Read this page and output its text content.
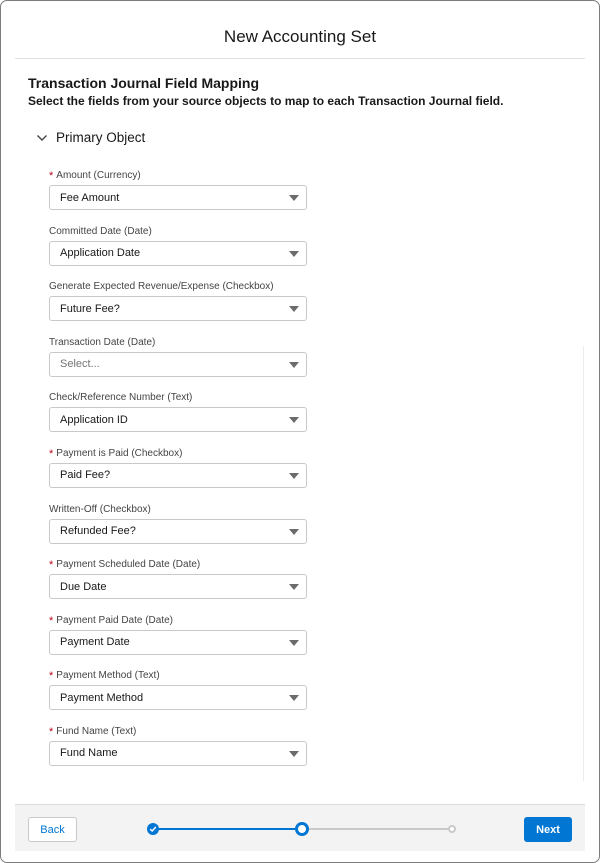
New Accounting Set
Transaction Journal Field Mapping
Select the fields from your source objects to map to each Transaction Journal field.
Primary Object
* Amount (Currency)
Fee Amount
Committed Date (Date)
Application Date
Generate Expected Revenue/Expense (Checkbox)
Future Fee?
Transaction Date (Date)
Select...
Check/Reference Number (Text)
Application ID
* Payment is Paid (Checkbox)
Paid Fee?
Written-Off (Checkbox)
Refunded Fee?
* Payment Scheduled Date (Date)
Due Date
* Payment Paid Date (Date)
Payment Date
* Payment Method (Text)
Payment Method
* Fund Name (Text)
Fund Name
Back	Next
